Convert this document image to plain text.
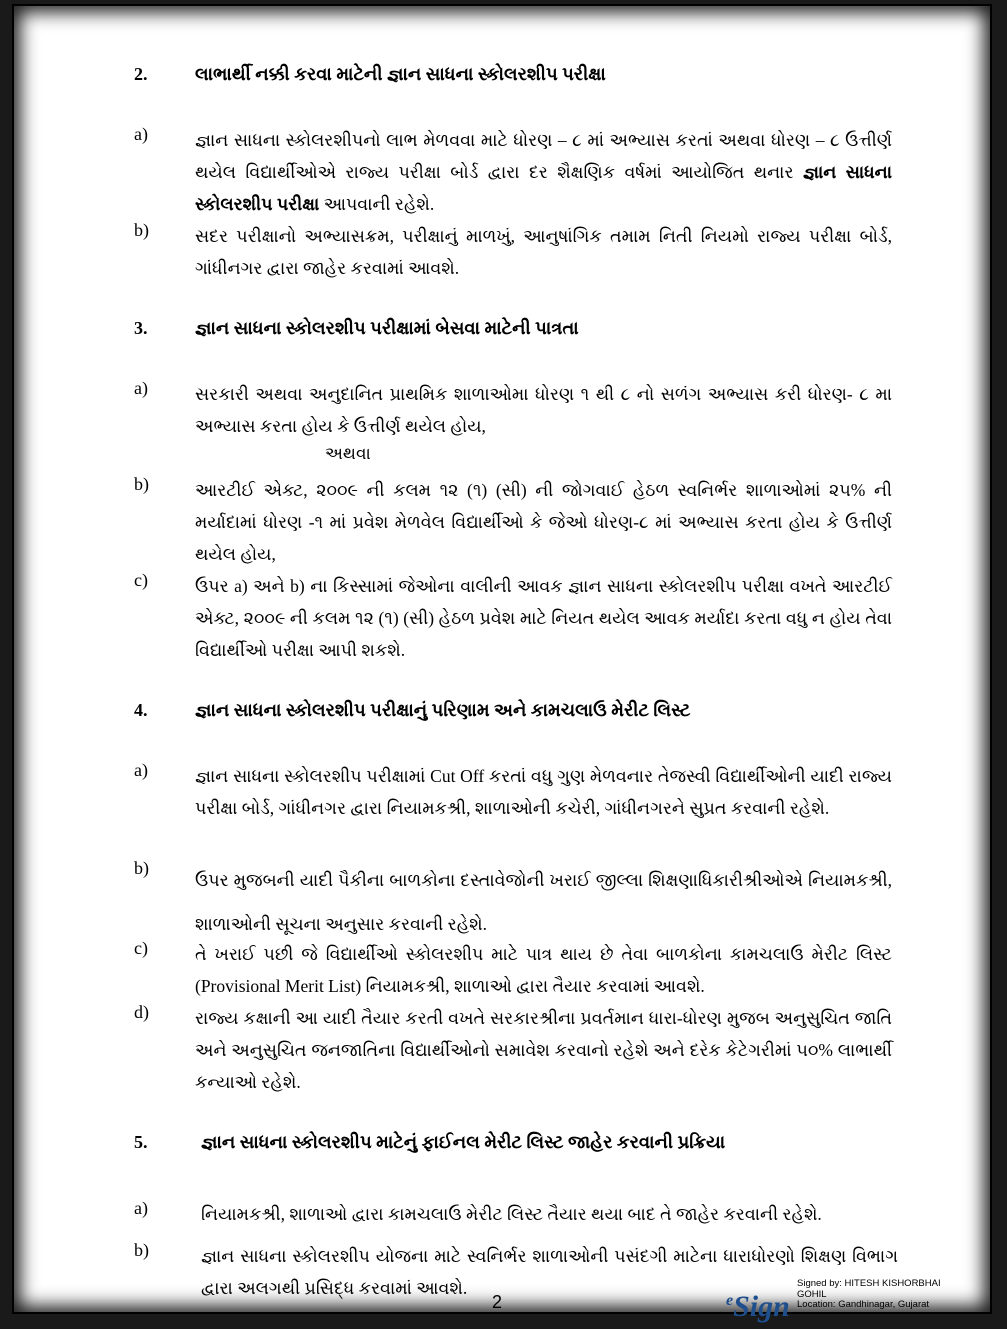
2.	લાભાર્થી નક્કી કરવા માટેની જ્ઞાન સાધના સ્કોલરશીપ પરીક્ષા
a)	જ્ઞાન સાધના સ્કોલરશીપનો લાભ મેળવવા માટે ધોરણ – ૮ માં અભ્યાસ કરતાં અથવા ધોરણ – ૮ ઉત્તીર્ણ થયેલ વિદ્યાર્થીઓએ રાજ્ય પરીક્ષા બોર્ડ દ્વારા દર શૈક્ષણિક વર્ષમાં આયોજિત થનાર જ્ઞાન સાધના સ્કોલરશીપ પરીક્ષા આપવાની રહેશે.
b)	સદર પરીક્ષાનો અભ્યાસક્રમ, પરીક્ષાનું માળખું, આનુષાંગિક તમામ નિતી નિયમો રાજ્ય પરીક્ષા બોર્ડ, ગાંધીનગર દ્વારા જાહેર કરવામાં આવશે.
3.	જ્ઞાન સાધના સ્કોલરશીપ પરીક્ષામાં બેસવા માટેની પાત્રતા
a)	સરકારી અથવા અનુદાનિત પ્રાથમિક શાળાઓમા ધોરણ ૧ થી ૮ નો સળંગ અભ્યાસ કરી ધોરણ- ૮ મા અભ્યાસ કરતા હોય કે ઉત્તીર્ણ થયેલ હોય,
અથવા
b)	આરટીઈ એક્ટ, ૨૦૦૯ ની કલમ ૧૨ (૧) (સી) ની જોગવાઈ હેઠળ સ્વનિર્ભર શાળાઓમાં ૨૫% ની મર્યાદામાં ધોરણ -૧ માં પ્રવેશ મેળવેલ વિદ્યાર્થીઓ કે જેઓ ધોરણ-૮ માં અભ્યાસ કરતા હોય કે ઉત્તીર્ણ થયેલ હોય,
c)	ઉપર a) અને b) ના કિસ્સામાં જેઓના વાલીની આવક જ્ઞાન સાધના સ્કોલરશીપ પરીક્ષા વખતે આરટીઈ એક્ટ, ૨૦૦૯ ની કલમ ૧૨ (૧) (સી) હેઠળ પ્રવેશ માટે નિયત થયેલ આવક મર્યાદા કરતા વધુ ન હોય તેવા વિદ્યાર્થીઓ પરીક્ષા આપી શકશે.
4.	જ્ઞાન સાધના સ્કોલરશીપ પરીક્ષાનું પરિણામ અને કામચલાઉ મેરીટ લિસ્ટ
a)	જ્ઞાન સાધના સ્કોલરશીપ પરીક્ષામાં Cut Off કરતાં વધુ ગુણ મેળવનાર તેજસ્વી વિદ્યાર્થીઓની યાદી રાજ્ય પરીક્ષા બોર્ડ, ગાંધીનગર દ્વારા નિયામકશ્રી, શાળાઓની કચેરી, ગાંધીનગરને સુપ્રત કરવાની રહેશે.
b)
ઉપર મુજબની યાદી પૈકીના બાળકોના દસ્તાવેજોની ખરાઈ જીલ્લા શિક્ષણાધિકારીશ્રીઓએ નિયામકશ્રી, શાળાઓની સૂચના અનુસાર કરવાની રહેશે.
c)	તે ખરાઈ પછી જે વિદ્યાર્થીઓ સ્કોલરશીપ માટે પાત્ર થાય છે તેવા બાળકોના કામચલાઉ મેરીટ લિસ્ટ (Provisional Merit List) નિયામકશ્રી, શાળાઓ દ્વારા તૈયાર કરવામાં આવશે.
d)	રાજ્ય કક્ષાની આ યાદી તૈયાર કરતી વખતે સરકારશ્રીના પ્રવર્તમાન ધારા-ધોરણ મુજબ અનુસુચિત જાતિ અને અનુસુચિત જનજાતિના વિદ્યાર્થીઓનો સમાવેશ કરવાનો રહેશે અને દરેક કેટેગરીમાં ૫૦% લાભાર્થી કન્યાઓ રહેશે.
5.	જ્ઞાન સાધના સ્કોલરશીપ માટેનું ફાઈનલ મેરીટ લિસ્ટ જાહેર કરવાની પ્રક્રિયા
a)	નિયામકશ્રી, શાળાઓ દ્વારા કામચલાઉ મેરીટ લિસ્ટ તૈયાર થયા બાદ તે જાહેર કરવાની રહેશે.
b)	જ્ઞાન સાધના સ્કોલરશીપ યોજના માટે સ્વનિર્ભર શાળાઓની પસંદગી માટેના ધારાધોરણો શિક્ષણ વિભાગ દ્વારા અલગથી પ્રસિદ્ધ કરવામાં આવશે.
2	$^e$Sign
Signed by: HITESH KISHORBHAI
GOHIL
Location: Gandhinagar, Gujarat
